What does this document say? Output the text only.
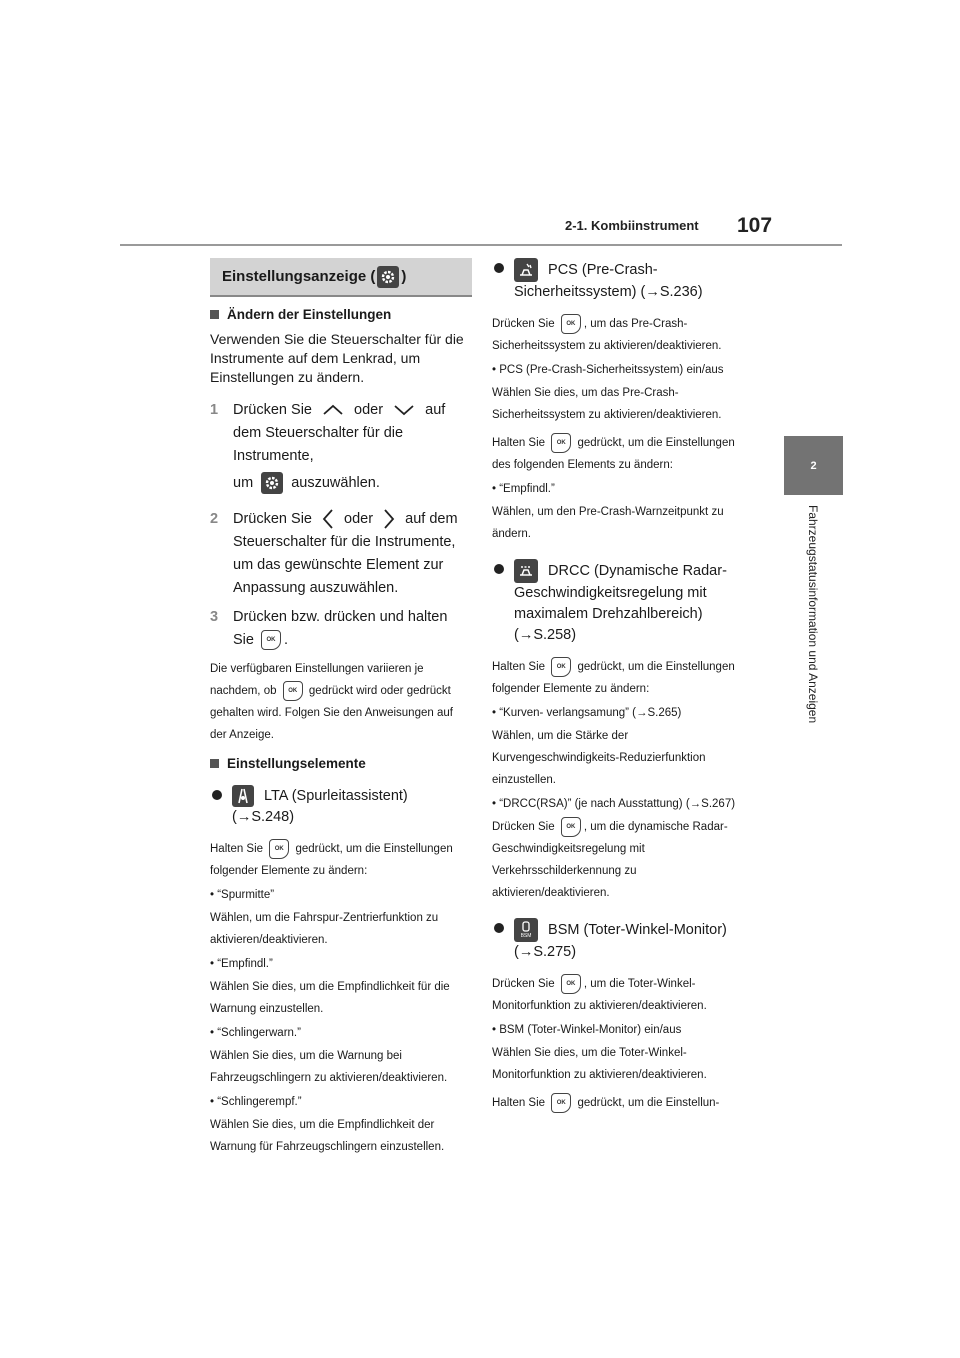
2-1. Kombiinstrument 107
2
Fahrzeugstatusinformation und Anzeigen
Einstellungsanzeige ( )
Ändern der Einstellungen

Verwenden Sie die Steuerschalter für die Instrumente auf dem Lenkrad, um Einstellungen zu ändern.

1	Drücken Sie	oder	auf dem Steuerschalter für die Instrumente,
um	auszuwählen.
2	Drücken Sie oder auf dem Steuerschalter für die Instrumente, um das gewünschte Element zur Anpassung auszuwählen.
3	Drücken bzw. drücken und halten Sie OK .

Die verfügbaren Einstellungen variieren je nachdem, ob OK gedrückt wird oder gedrückt gehalten wird. Folgen Sie den Anweisungen auf der Anzeige.

Einstellungselemente
LTA (Spurleitassistent)
(→S.248)

Halten Sie OK gedrückt, um die Einstellungen folgender Elemente zu ändern:

• “Spurmitte”

Wählen, um die Fahrspur-Zentrierfunktion zu aktivieren/deaktivieren.

• “Empfindl.”

Wählen Sie dies, um die Empfindlichkeit für die Warnung einzustellen.

• “Schlingerwarn.”

Wählen Sie dies, um die Warnung bei Fahrzeugschlingern zu aktivieren/deaktivieren.

• “Schlingerempf.”

Wählen Sie dies, um die Empfindlichkeit der Warnung für Fahrzeugschlingern einzustellen.

PCS (Pre-Crash-Sicherheitssystem) (→S.236)

Drücken Sie OK , um das Pre-Crash-Sicherheitssystem zu aktivieren/deaktivieren.

• PCS (Pre-Crash-Sicherheitssystem) ein/aus

Wählen Sie dies, um das Pre-Crash-Sicherheitssystem zu aktivieren/deaktivieren.

Halten Sie OK gedrückt, um die Einstellungen des folgenden Elements zu ändern:

• “Empfindl.”

Wählen, um den Pre-Crash-Warnzeitpunkt zu ändern.

DRCC (Dynamische Radar-Geschwindigkeitsregelung mit maximalem Drehzahlbereich) (→S.258)

Halten Sie OK gedrückt, um die Einstellungen folgender Elemente zu ändern:

• “Kurven- verlangsamung” (→S.265)

Wählen, um die Stärke der Kurvengeschwindigkeits-Reduzierfunktion einzustellen.

• “DRCC(RSA)” (je nach Ausstattung) (→S.267)

Drücken Sie OK , um die dynamische Radar-Geschwindigkeitsregelung mit Verkehrsschilderkennung zu aktivieren/deaktivieren.

BSM BSM (Toter-Winkel-Monitor) (→S.275)

Drücken Sie OK , um die Toter-Winkel-Monitorfunktion zu aktivieren/deaktivieren.

• BSM (Toter-Winkel-Monitor) ein/aus

Wählen Sie dies, um die Toter-Winkel-Monitorfunktion zu aktivieren/deaktivieren.

Halten Sie OK gedrückt, um die Einstellun-
